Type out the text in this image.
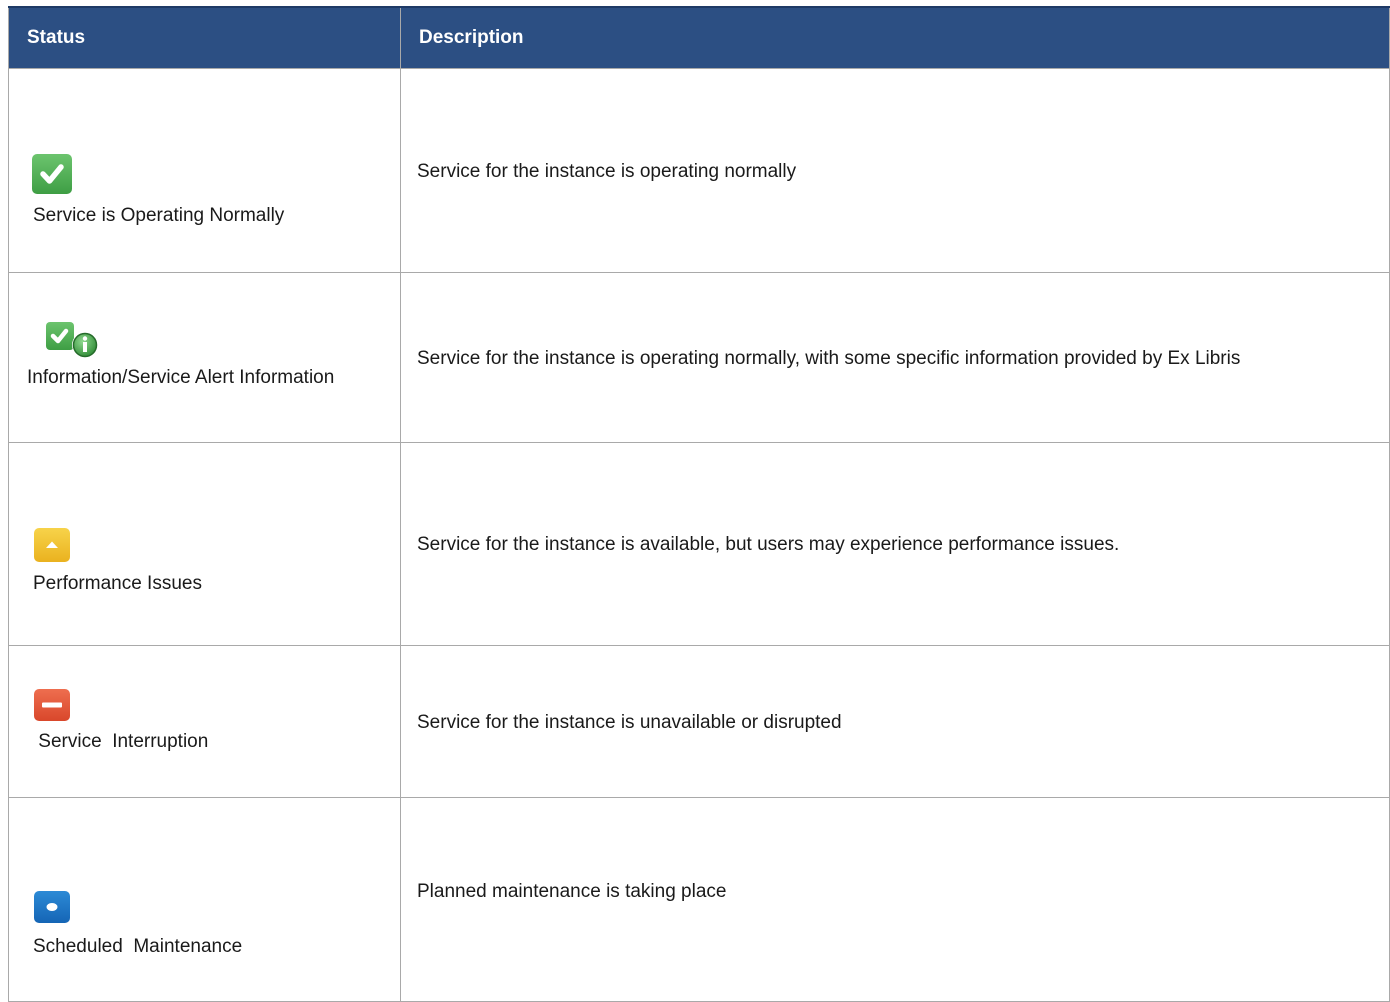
Status	Description

Service is Operating Normally	Service for the instance is operating normally

Information/Service Alert Information	Service for the instance is operating normally, with some specific information provided by Ex Libris

Performance Issues	Service for the instance is available, but users may experience performance issues.

Service  Interruption	Service for the instance is unavailable or disrupted

Scheduled  Maintenance	Planned maintenance is taking place
